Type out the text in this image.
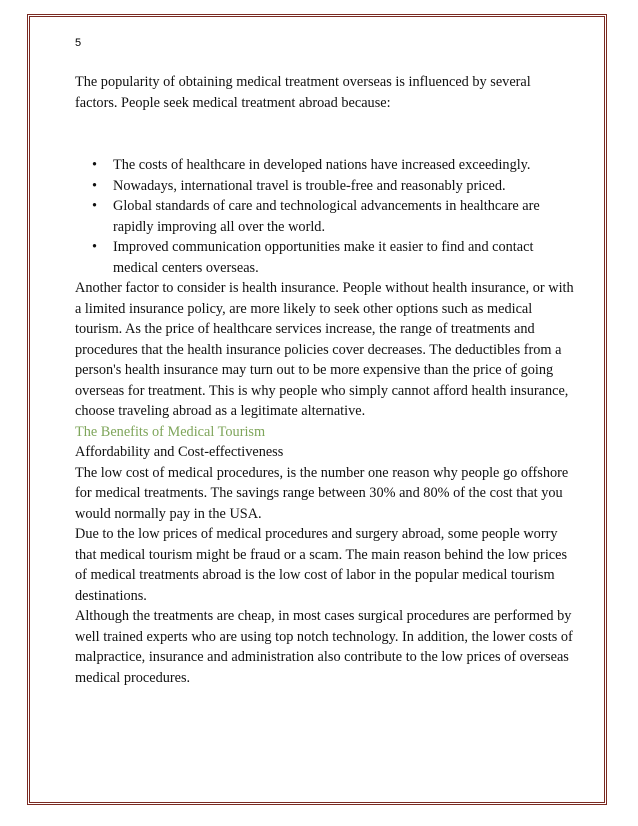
5

The popularity of obtaining medical treatment overseas is influenced by several factors. People seek medical treatment abroad because:

• The costs of healthcare in developed nations have increased exceedingly.
• Nowadays, international travel is trouble-free and reasonably priced.
• Global standards of care and technological advancements in healthcare are rapidly improving all over the world.
• Improved communication opportunities make it easier to find and contact medical centers overseas.

Another factor to consider is health insurance. People without health insurance, or with a limited insurance policy, are more likely to seek other options such as medical tourism. As the price of healthcare services increase, the range of treatments and procedures that the health insurance policies cover decreases. The deductibles from a person's health insurance may turn out to be more expensive than the price of going overseas for treatment. This is why people who simply cannot afford health insurance, choose traveling abroad as a legitimate alternative.

The Benefits of Medical Tourism

Affordability and Cost-effectiveness

The low cost of medical procedures, is the number one reason why people go offshore for medical treatments. The savings range between 30% and 80% of the cost that you would normally pay in the USA.

Due to the low prices of medical procedures and surgery abroad, some people worry that medical tourism might be fraud or a scam. The main reason behind the low prices of medical treatments abroad is the low cost of labor in the popular medical tourism destinations.

Although the treatments are cheap, in most cases surgical procedures are performed by well trained experts who are using top notch technology. In addition, the lower costs of malpractice, insurance and administration also contribute to the low prices of overseas medical procedures.
